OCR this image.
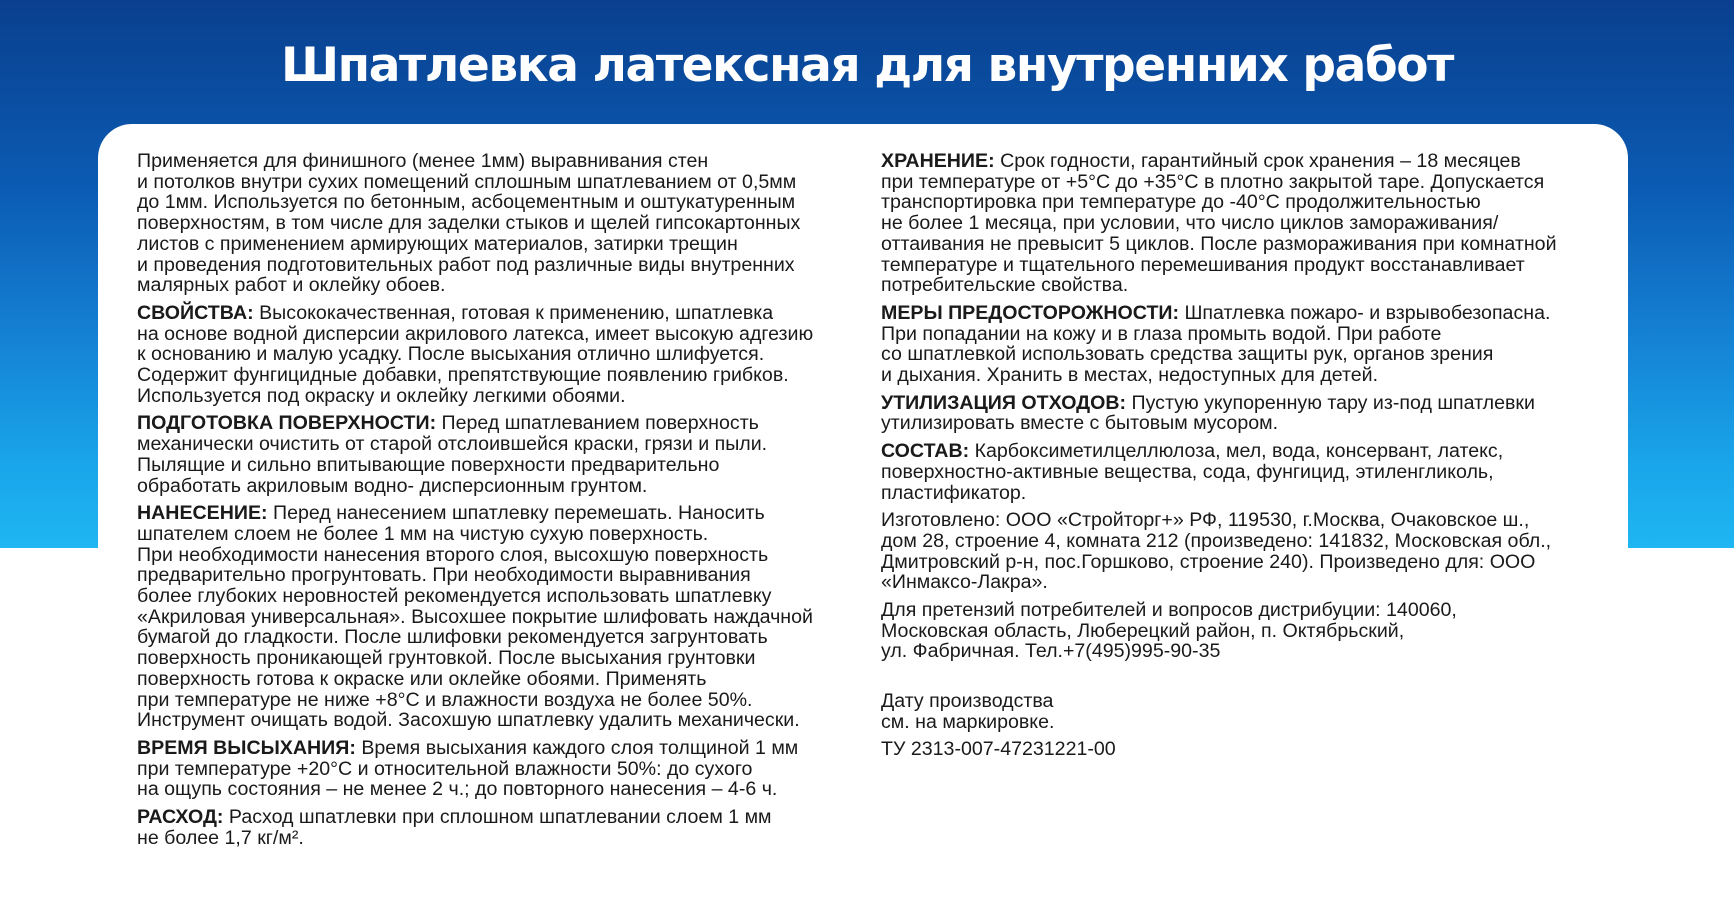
Шпатлевка латексная для внутренних работ

Применяется для финишного (менее 1мм) выравнивания стен
и потолков внутри сухих помещений сплошным шпатлеванием от 0,5мм
до 1мм. Используется по бетонным, асбоцементным и оштукатуренным
поверхностям, в том числе для заделки стыков и щелей гипсокартонных
листов с применением армирующих материалов, затирки трещин
и проведения подготовительных работ под различные виды внутренних
малярных работ и оклейку обоев.

СВОЙСТВА: Высококачественная, готовая к применению, шпатлевка
на основе водной дисперсии акрилового латекса, имеет высокую адгезию
к основанию и малую усадку. После высыхания отлично шлифуется.
Содержит фунгицидные добавки, препятствующие появлению грибков.
Используется под окраску и оклейку легкими обоями.

ПОДГОТОВКА ПОВЕРХНОСТИ: Перед шпатлеванием поверхность
механически очистить от старой отслоившейся краски, грязи и пыли.
Пылящие и сильно впитывающие поверхности предварительно
обработать акриловым водно- дисперсионным грунтом.

НАНЕСЕНИЕ: Перед нанесением шпатлевку перемешать. Наносить
шпателем слоем не более 1 мм на чистую сухую поверхность.
При необходимости нанесения второго слоя, высохшую поверхность
предварительно прогрунтовать. При необходимости выравнивания
более глубоких неровностей рекомендуется использовать шпатлевку
«Акриловая универсальная». Высохшее покрытие шлифовать наждачной
бумагой до гладкости. После шлифовки рекомендуется загрунтовать
поверхность проникающей грунтовкой. После высыхания грунтовки
поверхность готова к окраске или оклейке обоями. Применять
при температуре не ниже +8°С и влажности воздуха не более 50%.
Инструмент очищать водой. Засохшую шпатлевку удалить механически.

ВРЕМЯ ВЫСЫХАНИЯ: Время высыхания каждого слоя толщиной 1 мм
при температуре +20°С и относительной влажности 50%: до сухого
на ощупь состояния – не менее 2 ч.; до повторного нанесения – 4-6 ч.

РАСХОД: Расход шпатлевки при сплошном шпатлевании слоем 1 мм
не более 1,7 кг/м².

ХРАНЕНИЕ: Срок годности, гарантийный срок хранения – 18 месяцев
при температуре от +5°С до +35°С в плотно закрытой таре. Допускается
транспортировка при температуре до -40°С продолжительностью
не более 1 месяца, при условии, что число циклов замораживания/
оттаивания не превысит 5 циклов. После размораживания при комнатной
температуре и тщательного перемешивания продукт восстанавливает
потребительские свойства.

МЕРЫ ПРЕДОСТОРОЖНОСТИ: Шпатлевка пожаро- и взрывобезопасна.
При попадании на кожу и в глаза промыть водой. При работе
со шпатлевкой использовать средства защиты рук, органов зрения
и дыхания. Хранить в местах, недоступных для детей.

УТИЛИЗАЦИЯ ОТХОДОВ: Пустую укупоренную тару из-под шпатлевки
утилизировать вместе с бытовым мусором.

СОСТАВ: Карбоксиметилцеллюлоза, мел, вода, консервант, латекс,
поверхностно-активные вещества, сода, фунгицид, этиленгликоль,
пластификатор.

Изготовлено: ООО «Стройторг+» РФ, 119530, г.Москва, Очаковское ш.,
дом 28, строение 4, комната 212 (произведено: 141832, Московская обл.,
Дмитровский р-н, пос.Горшково, строение 240). Произведено для: ООО
«Инмаксо-Лакра».

Для претензий потребителей и вопросов дистрибуции: 140060,
Московская область, Люберецкий район, п. Октябрьский,
ул. Фабричная. Тел.+7(495)995-90-35

Дату производства
см. на маркировке.

ТУ 2313-007-47231221-00
